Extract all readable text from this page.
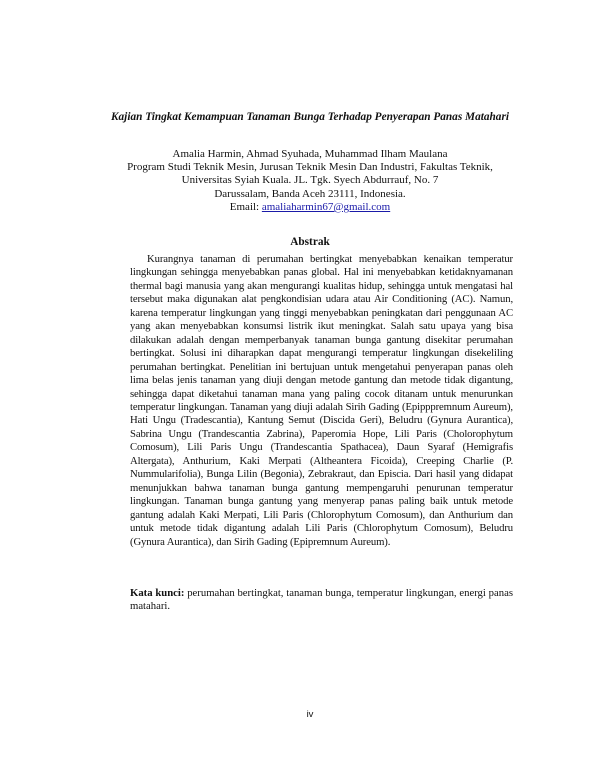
Kajian Tingkat Kemampuan Tanaman Bunga Terhadap Penyerapan Panas Matahari
Amalia Harmin, Ahmad Syuhada, Muhammad Ilham Maulana
Program Studi Teknik Mesin, Jurusan Teknik Mesin Dan Industri, Fakultas Teknik,
Universitas Syiah Kuala. JL. Tgk. Syech Abdurrauf, No. 7
Darussalam, Banda Aceh 23111, Indonesia.
Email: amaliaharmin67@gmail.com
Abstrak

Kurangnya tanaman di perumahan bertingkat menyebabkan kenaikan temperatur lingkungan sehingga menyebabkan panas global. Hal ini menyebabkan ketidaknyamanan thermal bagi manusia yang akan mengurangi kualitas hidup, sehingga untuk mengatasi hal tersebut maka digunakan alat pengkondisian udara atau Air Conditioning (AC). Namun, karena temperatur lingkungan yang tinggi menyebabkan peningkatan dari penggunaan AC yang akan menyebabkan konsumsi listrik ikut meningkat. Salah satu upaya yang bisa dilakukan adalah dengan memperbanyak tanaman bunga gantung disekitar perumahan bertingkat. Solusi ini diharapkan dapat mengurangi temperatur lingkungan disekeliling perumahan bertingkat. Penelitian ini bertujuan untuk mengetahui penyerapan panas oleh lima belas jenis tanaman yang diuji dengan metode gantung dan metode tidak digantung, sehingga dapat diketahui tanaman mana yang paling cocok ditanam untuk menurunkan temperatur lingkungan. Tanaman yang diuji adalah Sirih Gading (Epipppremnum Aureum), Hati Ungu (Tradescantia), Kantung Semut (Discida Geri), Beludru (Gynura Aurantica), Sabrina Ungu (Trandescantia Zabrina), Paperomia Hope, Lili Paris (Cholorophytum Comosum), Lili Paris Ungu (Trandescantia Spathacea), Daun Syaraf (Hemigrafis Altergata), Anthurium, Kaki Merpati (Altheantera Ficoida), Creeping Charlie (P. Nummularifolia), Bunga Lilin (Begonia), Zebrakraut, dan Episcia. Dari hasil yang didapat menunjukkan bahwa tanaman bunga gantung mempengaruhi penurunan temperatur lingkungan. Tanaman bunga gantung yang menyerap panas paling baik untuk metode gantung adalah Kaki Merpati, Lili Paris (Chlorophytum Comosum), dan Anthurium dan untuk metode tidak digantung adalah Lili Paris (Chlorophytum Comosum), Beludru (Gynura Aurantica), dan Sirih Gading (Epipremnum Aureum).

Kata kunci: perumahan bertingkat, tanaman bunga, temperatur lingkungan, energi panas matahari.

iv
